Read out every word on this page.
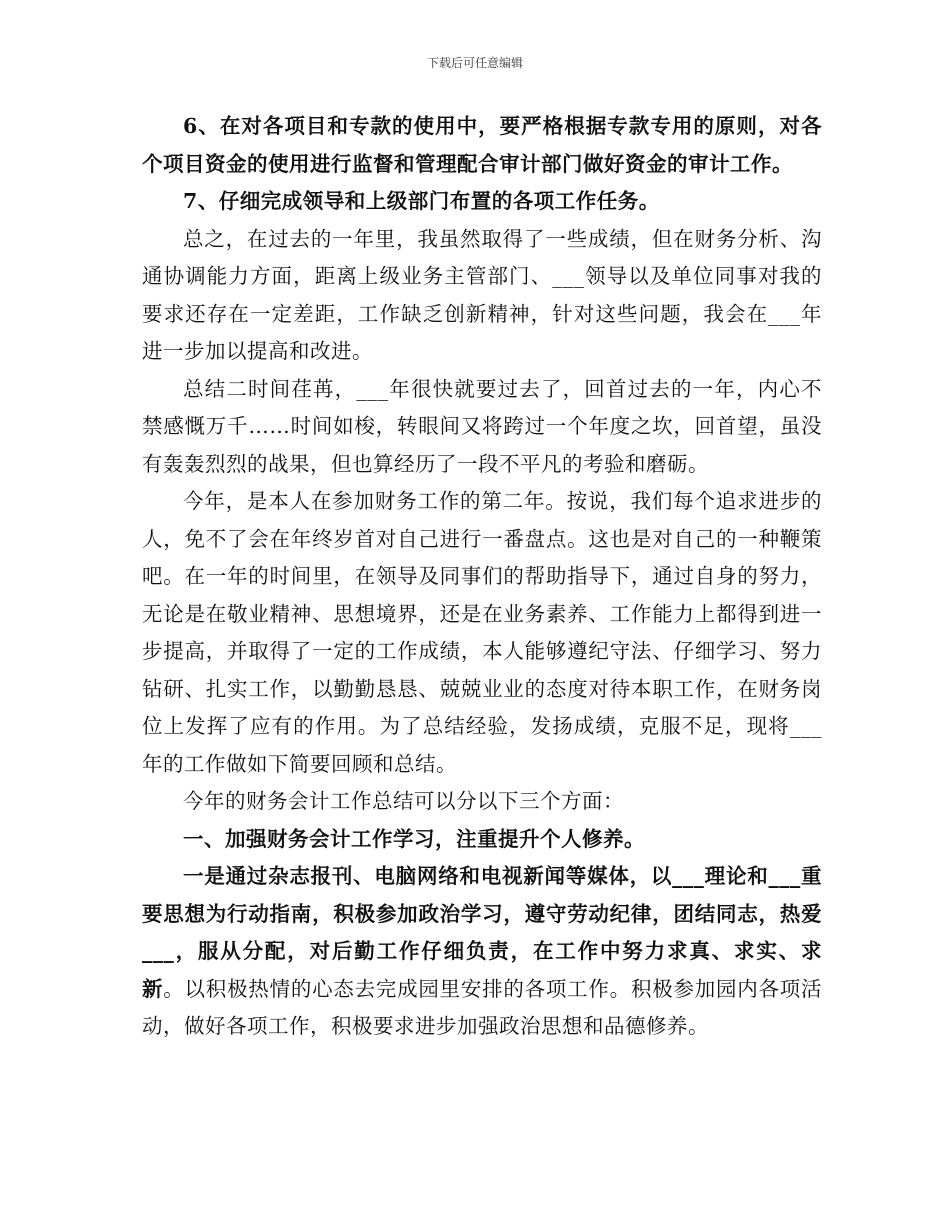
下载后可任意编辑

6、在对各项目和专款的使用中，要严格根据专款专用的原则，对各个项目资金的使用进行监督和管理配合审计部门做好资金的审计工作。

7、仔细完成领导和上级部门布置的各项工作任务。

总之，在过去的一年里，我虽然取得了一些成绩，但在财务分析、沟通协调能力方面，距离上级业务主管部门、___领导以及单位同事对我的要求还存在一定差距，工作缺乏创新精神，针对这些问题，我会在___年进一步加以提高和改进。

总结二时间荏苒，___年很快就要过去了，回首过去的一年，内心不禁感慨万千……时间如梭，转眼间又将跨过一个年度之坎，回首望，虽没有轰轰烈烈的战果，但也算经历了一段不平凡的考验和磨砺。

今年，是本人在参加财务工作的第二年。按说，我们每个追求进步的人，免不了会在年终岁首对自己进行一番盘点。这也是对自己的一种鞭策吧。在一年的时间里，在领导及同事们的帮助指导下，通过自身的努力，无论是在敬业精神、思想境界，还是在业务素养、工作能力上都得到进一步提高，并取得了一定的工作成绩，本人能够遵纪守法、仔细学习、努力钻研、扎实工作，以勤勤恳恳、兢兢业业的态度对待本职工作，在财务岗位上发挥了应有的作用。为了总结经验，发扬成绩，克服不足，现将___年的工作做如下简要回顾和总结。

今年的财务会计工作总结可以分以下三个方面：

一、加强财务会计工作学习，注重提升个人修养。

一是通过杂志报刊、电脑网络和电视新闻等媒体，以___理论和___重要思想为行动指南，积极参加政治学习，遵守劳动纪律，团结同志，热爱___，服从分配，对后勤工作仔细负责，在工作中努力求真、求实、求新。以积极热情的心态去完成园里安排的各项工作。积极参加园内各项活动，做好各项工作，积极要求进步加强政治思想和品德修养。
